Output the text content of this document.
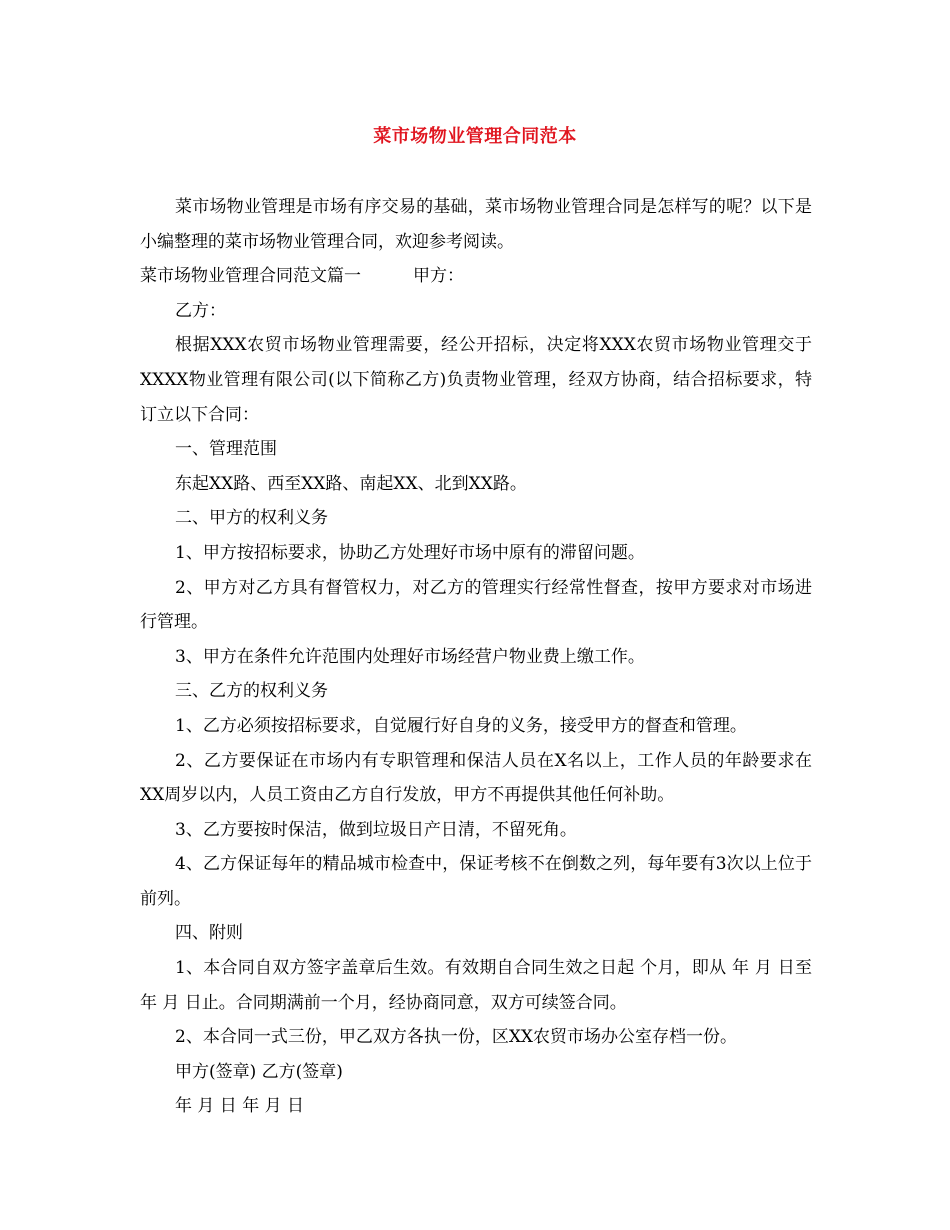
菜市场物业管理合同范本

菜市场物业管理是市场有序交易的基础，菜市场物业管理合同是怎样写的呢？以下是小编整理的菜市场物业管理合同，欢迎参考阅读。

菜市场物业管理合同范文篇一	甲方：

乙方：

根据XXX农贸市场物业管理需要，经公开招标，决定将XXX农贸市场物业管理交于XXXX物业管理有限公司(以下简称乙方)负责物业管理，经双方协商，结合招标要求，特订立以下合同：

一、管理范围

东起XX路、西至XX路、南起XX、北到XX路。

二、甲方的权利义务

1、甲方按招标要求，协助乙方处理好市场中原有的滞留问题。

2、甲方对乙方具有督管权力，对乙方的管理实行经常性督查，按甲方要求对市场进行管理。

3、甲方在条件允许范围内处理好市场经营户物业费上缴工作。

三、乙方的权利义务

1、乙方必须按招标要求，自觉履行好自身的义务，接受甲方的督查和管理。

2、乙方要保证在市场内有专职管理和保洁人员在X名以上，工作人员的年龄要求在XX周岁以内，人员工资由乙方自行发放，甲方不再提供其他任何补助。

3、乙方要按时保洁，做到垃圾日产日清，不留死角。

4、乙方保证每年的精品城市检查中，保证考核不在倒数之列，每年要有3次以上位于前列。

四、附则

1、本合同自双方签字盖章后生效。有效期自合同生效之日起 个月，即从 年 月 日至 年 月 日止。合同期满前一个月，经协商同意，双方可续签合同。

2、本合同一式三份，甲乙双方各执一份，区XX农贸市场办公室存档一份。

甲方(签章) 乙方(签章)

年 月 日 年 月 日
